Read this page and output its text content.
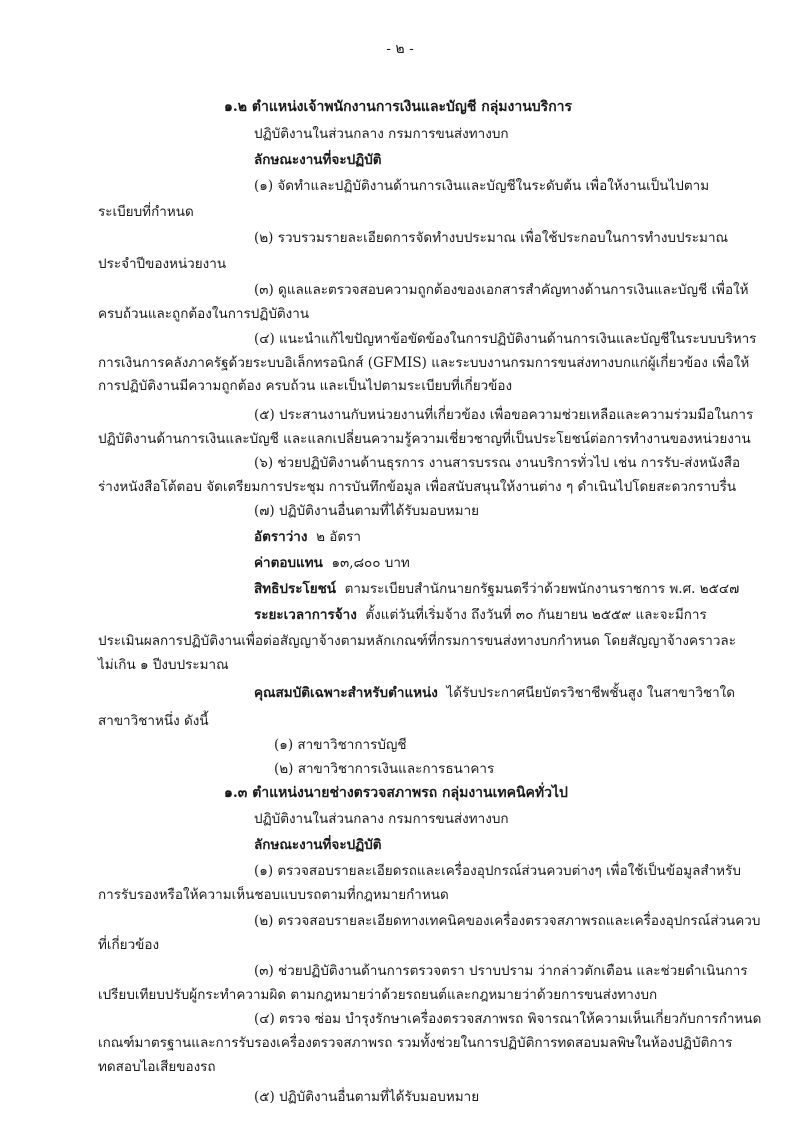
- ๒ -
๑.๒ ตำแหน่งเจ้าพนักงานการเงินและบัญชี กลุ่มงานบริการ
ปฏิบัติงานในส่วนกลาง กรมการขนส่งทางบก
ลักษณะงานที่จะปฏิบัติ
(๑) จัดทำและปฏิบัติงานด้านการเงินและบัญชีในระดับต้น เพื่อให้งานเป็นไปตาม
ระเบียบที่กำหนด
(๒) รวบรวมรายละเอียดการจัดทำงบประมาณ เพื่อใช้ประกอบในการทำงบประมาณ
ประจำปีของหน่วยงาน
(๓) ดูแลและตรวจสอบความถูกต้องของเอกสารสำคัญทางด้านการเงินและบัญชี เพื่อให้
ครบถ้วนและถูกต้องในการปฏิบัติงาน
(๔) แนะนำแก้ไขปัญหาข้อขัดข้องในการปฏิบัติงานด้านการเงินและบัญชีในระบบบริหาร
การเงินการคลังภาครัฐด้วยระบบอิเล็กทรอนิกส์ (GFMIS) และระบบงานกรมการขนส่งทางบกแก่ผู้เกี่ยวข้อง เพื่อให้
การปฏิบัติงานมีความถูกต้อง ครบถ้วน และเป็นไปตามระเบียบที่เกี่ยวข้อง
(๕) ประสานงานกับหน่วยงานที่เกี่ยวข้อง เพื่อขอความช่วยเหลือและความร่วมมือในการ
ปฏิบัติงานด้านการเงินและบัญชี และแลกเปลี่ยนความรู้ความเชี่ยวชาญที่เป็นประโยชน์ต่อการทำงานของหน่วยงาน
(๖) ช่วยปฏิบัติงานด้านธุรการ งานสารบรรณ งานบริการทั่วไป เช่น การรับ-ส่งหนังสือ
ร่างหนังสือโต้ตอบ จัดเตรียมการประชุม การบันทึกข้อมูล เพื่อสนับสนุนให้งานต่าง ๆ ดำเนินไปโดยสะดวกราบรื่น
(๗) ปฏิบัติงานอื่นตามที่ได้รับมอบหมาย
อัตราว่าง ๒ อัตรา
ค่าตอบแทน ๑๓,๘๐๐ บาท
สิทธิประโยชน์ ตามระเบียบสำนักนายกรัฐมนตรีว่าด้วยพนักงานราชการ พ.ศ. ๒๕๔๗
ระยะเวลาการจ้าง ตั้งแต่วันที่เริ่มจ้าง ถึงวันที่ ๓๐ กันยายน ๒๕๕๙ และจะมีการ
ประเมินผลการปฏิบัติงานเพื่อต่อสัญญาจ้างตามหลักเกณฑ์ที่กรมการขนส่งทางบกกำหนด โดยสัญญาจ้างคราวละ
ไม่เกิน ๑ ปีงบประมาณ
คุณสมบัติเฉพาะสำหรับตำแหน่ง ได้รับประกาศนียบัตรวิชาชีพชั้นสูง ในสาขาวิชาใด
สาขาวิชาหนึ่ง ดังนี้
(๑) สาขาวิชาการบัญชี
(๒) สาขาวิชาการเงินและการธนาคาร
๑.๓ ตำแหน่งนายช่างตรวจสภาพรถ กลุ่มงานเทคนิคทั่วไป
ปฏิบัติงานในส่วนกลาง กรมการขนส่งทางบก
ลักษณะงานที่จะปฏิบัติ
(๑) ตรวจสอบรายละเอียดรถและเครื่องอุปกรณ์ส่วนควบต่างๆ เพื่อใช้เป็นข้อมูลสำหรับ
การรับรองหรือให้ความเห็นชอบแบบรถตามที่กฎหมายกำหนด
(๒) ตรวจสอบรายละเอียดทางเทคนิคของเครื่องตรวจสภาพรถและเครื่องอุปกรณ์ส่วนควบ
ที่เกี่ยวข้อง
(๓) ช่วยปฏิบัติงานด้านการตรวจตรา ปราบปราม ว่ากล่าวตักเตือน และช่วยดำเนินการ
เปรียบเทียบปรับผู้กระทำความผิด ตามกฎหมายว่าด้วยรถยนต์และกฎหมายว่าด้วยการขนส่งทางบก
(๔) ตรวจ ซ่อม บำรุงรักษาเครื่องตรวจสภาพรถ พิจารณาให้ความเห็นเกี่ยวกับการกำหนด
เกณฑ์มาตรฐานและการรับรองเครื่องตรวจสภาพรถ รวมทั้งช่วยในการปฏิบัติการทดสอบมลพิษในห้องปฏิบัติการ
ทดสอบไอเสียของรถ
(๕) ปฏิบัติงานอื่นตามที่ได้รับมอบหมาย
